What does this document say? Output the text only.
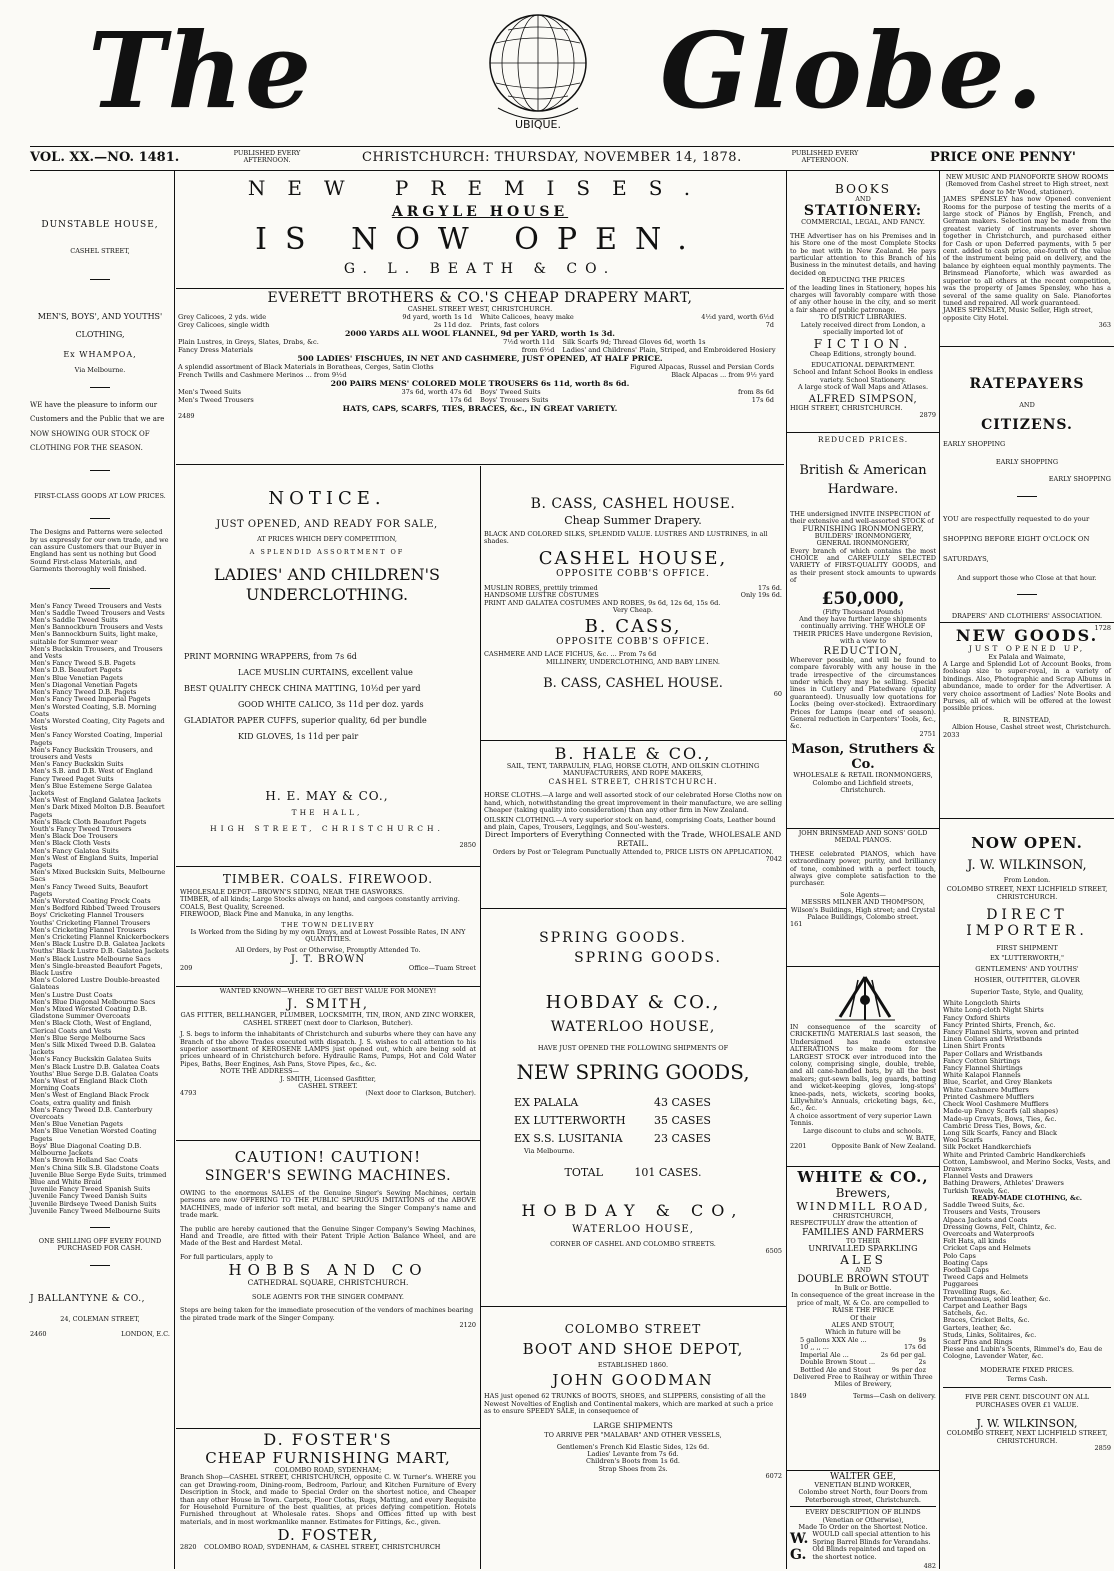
The	Globe.
UBIQUE.
VOL. XX.—NO. 1481.	PUBLISHED EVERY AFTERNOON.	CHRISTCHURCH: THURSDAY, NOVEMBER 14, 1878.	PUBLISHED EVERY AFTERNOON.	PRICE ONE PENNY'
DUNSTABLE HOUSE,
CASHEL STREET,
MEN'S, BOYS', AND YOUTHS' CLOTHING,
Ex WHAMPOA,
Via Melbourne.
WE have the pleasure to inform our Customers and the Public that we are NOW SHOWING OUR STOCK OF CLOTHING FOR THE SEASON.
FIRST-CLASS GOODS AT LOW PRICES.
The Designs and Patterns were selected by us expressly for our own trade, and we can assure Customers that our Buyer in England has sent us nothing but Good Sound First-class Materials, and Garments thoroughly well finished.
Men's Fancy Tweed Trousers and Vests
Men's Saddle Tweed Trousers and Vests
Men's Saddle Tweed Suits
Men's Bannockburn Trousers and Vests
Men's Bannockburn Suits, light make, suitable for Summer wear
Men's Buckskin Trousers, and Trousers and Vests
Men's Fancy Tweed S.B. Pagets
Men's D.B. Beaufort Pagets
Men's Blue Venetian Pagets
Men's Diagonal Venetian Pagets
Men's Fancy Tweed D.B. Pagets
Men's Fancy Tweed Imperial Pagets
Men's Worsted Coating, S.B. Morning Coats
Men's Worsted Coating, City Pagets and Vests
Men's Fancy Worsted Coating, Imperial Pagets
Men's Fancy Buckskin Trousers, and trousers and Vests
Men's Fancy Buckskin Suits
Men's S.B. and D.B. West of England Fancy Tweed Paget Suits
Men's Blue Estemene Serge Galatea Jackets
Men's West of England Galatea Jackets
Men's Dark Mixed Molton D.B. Beaufort Pagets
Men's Black Cloth Beaufort Pagets
Youth's Fancy Tweed Trousers
Men's Black Doe Trousers
Men's Black Cloth Vests
Men's Fancy Galatea Suits
Men's West of England Suits, Imperial Pagets
Men's Mixed Buckskin Suits, Melbourne Sacs
Men's Fancy Tweed Suits, Beaufort Pagets
Men's Worsted Coating Frock Coats
Men's Bedford Ribbed Tweed Trousers
Boys' Cricketing Flannel Trousers
Youths' Cricketing Flannel Trousers
Men's Cricketing Flannel Trousers
Men's Cricketing Flannel Knickerbockers
Men's Black Lustre D.B. Galatea Jackets
Youths' Black Lustre D.B. Galatea Jackets
Men's Black Lustre Melbourne Sacs
Men's Single-breasted Beaufort Pagets, Black Lustre
Men's Colored Lustre Double-breasted Galateas
Men's Lustre Dust Coats
Men's Blue Diagonal Melbourne Sacs
Men's Mixed Worsted Coating D.B. Gladstone Summer Overcoats
Men's Black Cloth, West of England, Clerical Coats and Vests
Men's Blue Serge Melbourne Sacs
Men's Silk Mixed Tweed D.B. Galatea Jackets
Men's Fancy Buckskin Galatea Suits
Men's Black Lustre D.B. Galatea Coats
Youths' Blue Serge D.B. Galatea Coats
Men's West of England Black Cloth Morning Coats
Men's West of England Black Frock Coats, extra quality and finish
Men's Fancy Tweed D.B. Canterbury Overcoats
Men's Blue Venetian Pagets
Men's Blue Venetian Worsted Coating Pagets
Boys' Blue Diagonal Coating D.B. Melbourne Jackets
Men's Brown Holland Sac Coats
Men's China Silk S.B. Gladstone Coats
Juvenile Blue Serge Eyde Suits, trimmed Blue and White Braid
Juvenile Fancy Tweed Spanish Suits
Juvenile Fancy Tweed Danish Suits
Juvenile Birdseye Tweed Danish Suits
Juvenile Fancy Tweed Melbourne Suits
ONE SHILLING OFF EVERY FOUND PURCHASED FOR CASH.
J BALLANTYNE & CO.,
24, COLEMAN STREET,
2460	LONDON, E.C.
NEW PREMISES.
ARGYLE HOUSE
IS NOW OPEN.
G. L. BEATH & CO.
EVERETT BROTHERS & CO.'S CHEAP DRAPERY MART,
CASHEL STREET WEST, CHRISTCHURCH.
Grey Calicoes, 2 yds. wide	9d yard, worth 1s 1d	White Calicoes, heavy make	4½d yard, worth 6½d
Grey Calicoes, single width	2s 11d doz.	Prints, fast colors	7d
2000 YARDS ALL WOOL FLANNEL, 9d per YARD, worth 1s 3d.
Plain Lustres, in Greys, Slates, Drabs, &c.	7½d worth 11d	Silk Scarfs 9d; Thread Gloves 6d, worth 1s
Fancy Dress Materials	from 6½d	Ladies' and Childrens' Plain, Striped, and Embroidered Hosiery
500 LADIES' FISCHUES, IN NET AND CASHMERE, JUST OPENED, AT HALF PRICE.
A splendid assortment of Black Materials in Boratheas, Cerges, Satin Cloths	Figured Alpacas, Russel and Persian Cords
French Twills and Cashmere Merinos ... from 9½d	Black Alpacas ... from 9½ yard
200 PAIRS MENS' COLORED MOLE TROUSERS 6s 11d, worth 8s 6d.
Men's Tweed Suits	37s 6d, worth 47s 6d	Boys' Tweed Suits	from 8s 6d
Men's Tweed Trousers	17s 6d	Boys' Trousers Suits	17s 6d
HATS, CAPS, SCARFS, TIES, BRACES, &c., IN GREAT VARIETY.
2489
NOTICE.
JUST OPENED, AND READY FOR SALE,
AT PRICES WHICH DEFY COMPETITION,
A SPLENDID ASSORTMENT OF
LADIES' AND CHILDREN'S UNDERCLOTHING.
PRINT MORNING WRAPPERS, from 7s 6d
LACE MUSLIN CURTAINS, excellent value
BEST QUALITY CHECK CHINA MATTING, 10½d per yard
GOOD WHITE CALICO, 3s 11d per doz. yards
GLADIATOR PAPER CUFFS, superior quality, 6d per bundle
KID GLOVES, 1s 11d per pair
H. E. MAY & CO.,
THE HALL,
HIGH STREET, CHRISTCHURCH.
2850
TIMBER. COALS. FIREWOOD.
WHOLESALE DEPOT—BROWN'S SIDING, NEAR THE GASWORKS.
TIMBER, of all kinds; Large Stocks always on hand, and cargoes constantly arriving.
COALS, Best Quality, Screened.
FIREWOOD, Black Pine and Manuka, in any lengths.
THE TOWN DELIVERY
Is Worked from the Siding by my own Drays, and at Lowest Possible Rates, IN ANY QUANTITIES.
All Orders, by Post or Otherwise, Promptly Attended To.
J. T. BROWN
209	Office—Tuam Street
WANTED KNOWN—WHERE TO GET BEST VALUE FOR MONEY!
J. SMITH,
GAS FITTER, BELLHANGER, PLUMBER, LOCKSMITH, TIN, IRON, AND ZINC WORKER,
CASHEL STREET (next door to Clarkson, Butcher).
J. S. begs to inform the inhabitants of Christchurch and suburbs where they can have any Branch of the above Trades executed with dispatch. J. S. wishes to call attention to his superior assortment of KEROSENE LAMPS just opened out, which are being sold at prices unheard of in Christchurch before. Hydraulic Rams, Pumps, Hot and Cold Water Pipes, Baths, Beer Engines, Ash Pans, Stove Pipes, &c., &c.
NOTE THE ADDRESS—
J. SMITH, Licensed Gasfitter,
CASHEL STREET.
4793	(Next door to Clarkson, Butcher).
CAUTION! CAUTION!
SINGER'S SEWING MACHINES.
OWING to the enormous SALES of the Genuine Singer's Sewing Machines, certain persons are now OFFERING TO THE PUBLIC SPURIOUS IMITATIONS of the ABOVE MACHINES, made of inferior soft metal, and bearing the Singer Company's name and trade mark.
The public are hereby cautioned that the Genuine Singer Company's Sewing Machines, Hand and Treadle, are fitted with their Patent Triple Action Balance Wheel, and are Made of the Best and Hardest Metal.
For full particulars, apply to
HOBBS AND CO
CATHEDRAL SQUARE, CHRISTCHURCH.
SOLE AGENTS FOR THE SINGER COMPANY.
Steps are being taken for the immediate prosecution of the vendors of machines bearing the pirated trade mark of the Singer Company.
2120
D. FOSTER'S
CHEAP FURNISHING MART,
COLOMBO ROAD, SYDENHAM;
Branch Shop—CASHEL STREET, CHRISTCHURCH, opposite C. W. Turner's. WHERE you can get Drawing-room, Dining-room, Bedroom, Parlour, and Kitchen Furniture of Every Description in Stock, and made to Special Order on the shortest notice, and Cheaper than any other House in Town. Carpets, Floor Cloths, Rugs, Matting, and every Requisite for Household Furniture of the best qualities, at prices defying competition. Hotels Furnished throughout at Wholesale rates. Shops and Offices fitted up with best materials, and in most workmanlike manner. Estimates for Fittings, &c., given.
D. FOSTER,
2820 COLOMBO ROAD, SYDENHAM, & CASHEL STREET, CHRISTCHURCH
B. CASS, CASHEL HOUSE.
Cheap Summer Drapery.
BLACK AND COLORED SILKS, SPLENDID VALUE. LUSTRES AND LUSTRINES, in all shades.
CASHEL HOUSE,
OPPOSITE COBB'S OFFICE.
MUSLIN ROBES, prettily trimmed	17s 6d.
HANDSOME LUSTRE COSTUMES	Only 19s 6d.
PRINT AND GALATEA COSTUMES AND ROBES, 9s 6d, 12s 6d, 15s 6d.
Very Cheap.
B. CASS,
OPPOSITE COBB'S OFFICE.
CASHMERE AND LACE FICHUS, &c. ... From 7s 6d
MILLINERY, UNDERCLOTHING, AND BABY LINEN.
B. CASS, CASHEL HOUSE.
60
B. HALE & CO.,
SAIL, TENT, TARPAULIN, FLAG, HORSE CLOTH, AND OILSKIN CLOTHING MANUFACTURERS, AND ROPE MAKERS,
CASHEL STREET, CHRISTCHURCH.
HORSE CLOTHS.—A large and well assorted stock of our celebrated Horse Cloths now on hand, which, notwithstanding the great improvement in their manufacture, we are selling Cheaper (taking quality into consideration) than any other firm in New Zealand.
OILSKIN CLOTHING.—A very superior stock on hand, comprising Coats, Leather bound and plain, Capes, Trousers, Leggings, and Sou'-westers.
Direct Importers of Everything Connected with the Trade, WHOLESALE AND RETAIL.
Orders by Post or Telegram Punctually Attended to, PRICE LISTS ON APPLICATION.
7042
SPRING GOODS.
SPRING GOODS.
HOBDAY & CO.,
WATERLOO HOUSE,
HAVE JUST OPENED THE FOLLOWING SHIPMENTS OF
NEW SPRING GOODS,
EX PALALA	43 CASES
EX LUTTERWORTH	35 CASES
EX S.S. LUSITANIA	23 CASES
Via Melbourne.
TOTAL	101 CASES.
HOBDAY & CO,
WATERLOO HOUSE,
CORNER OF CASHEL AND COLOMBO STREETS.
6505
COLOMBO STREET
BOOT AND SHOE DEPOT,
ESTABLISHED 1860.
JOHN GOODMAN
HAS just opened 62 TRUNKS of BOOTS, SHOES, and SLIPPERS, consisting of all the Newest Novelties of English and Continental makers, which are marked at such a price as to ensure SPEEDY SALE, in consequence of
LARGE SHIPMENTS
TO ARRIVE PER "MALABAR" AND OTHER VESSELS,
Gentlemen's French Kid Elastic Sides, 12s 6d.
Ladies' Levante from 7s 6d.
Children's Boots from 1s 6d.
Strap Shoes from 2s.
6072
BOOKS
AND
STATIONERY:
COMMERCIAL, LEGAL, AND FANCY.
THE Advertiser has on his Premises and in his Store one of the most Complete Stocks to be met with in New Zealand. He pays particular attention to this Branch of his Business in the minutest details, and having decided on
REDUCING THE PRICES
of the leading lines in Stationery, hopes his charges will favorably compare with those of any other house in the city, and so merit a fair share of public patronage.
TO DISTRICT LIBRARIES.
Lately received direct from London, a specially imported lot of
FICTION.
Cheap Editions, strongly bound.
EDUCATIONAL DEPARTMENT.
School and Infant School Books in endless variety. School Stationery.
A large stock of Wall Maps and Atlases.
ALFRED SIMPSON,
HIGH STREET, CHRISTCHURCH.
2879
REDUCED PRICES.
British & American
Hardware.
THE undersigned INVITE INSPECTION of their extensive and well-assorted STOCK of
FURNISHING IRONMONGERY,
BUILDERS' IRONMONGERY,
GENERAL IRONMONGERY,
Every branch of which contains the most CHOICE and CAREFULLY SELECTED VARIETY of FIRST-QUALITY GOODS, and as their present stock amounts to upwards of
£50,000,
(Fifty Thousand Pounds)
And they have further large shipments continually arriving. THE WHOLE OF THEIR PRICES Have undergone Revision, with a view to
REDUCTION,
Wherever possible, and will be found to compare favorably with any house in the trade irrespective of the circumstances under which they may be selling. Special lines in Cutlery and Platedware (quality guaranteed). Unusually low quotations for Locks (being over-stocked). Extraordinary Prices for Lamps (near end of season). General reduction in Carpenters' Tools, &c., &c.
2751
Mason, Struthers & Co.
WHOLESALE & RETAIL IRONMONGERS,
Colombo and Lichfield streets, Christchurch.
JOHN BRINSMEAD AND SONS' GOLD MEDAL PIANOS.
THESE celebrated PIANOS, which have extraordinary power, purity, and brilliancy of tone, combined with a perfect touch, always give complete satisfaction to the purchaser.
Sole Agents—
MESSRS MILNER AND THOMPSON, Wilson's Buildings, High street; and Crystal Palace Buildings, Colombo street.
161
IN consequence of the scarcity of CRICKETING MATERIALS last season, the Undersigned has made extensive ALTERATIONS to make room for the LARGEST STOCK ever introduced into the colony, comprising single, double, treble, and all cane-handled bats, by all the best makers; gut-sewn balls, leg guards, batting and wicket-keeping gloves, long-stops' knee-pads, nets, wickets, scoring books, Lillywhite's Annuals, cricketing bags, &c., &c., &c.
A choice assortment of very superior Lawn Tennis.
Large discount to clubs and schools.
W. BATE,
2201	Opposite Bank of New Zealand.
WHITE & CO.,
Brewers,
WINDMILL ROAD,
CHRISTCHURCH,
RESPECTFULLY draw the attention of
FAMILIES AND FARMERS
TO THEIR
UNRIVALLED SPARKLING
ALES
AND
DOUBLE BROWN STOUT
In Bulk or Bottle.
In consequence of the great increase in the price of malt, W. & Co. are compelled to
RAISE THE PRICE
Of their
ALES AND STOUT,
Which in future will be
5 gallons XXX Ale ...	9s
10 ,, ,, ...	17s 6d
Imperial Ale ...	2s 6d per gal.
Double Brown Stout ...	2s
Bottled Ale and Stout	9s per doz
Delivered Free to Railway or within Three Miles of Brewery,
1849	Terms—Cash on delivery.
WALTER GEE,
VENETIAN BLIND WORKER,
Colombo street North, four Doors from Peterborough street, Christchurch.
EVERY DESCRIPTION OF BLINDS
(Venetian or Otherwise),
Made To Order on the Shortest Notice.
W. G.
WOULD call special attention to his Spring Barrel Blinds for Verandahs. Old Blinds repainted and taped on the shortest notice.
482
NEW MUSIC AND PIANOFORTE SHOW ROOMS
(Removed from Cashel street to High street, next door to Mr Wood, stationer).
JAMES SPENSLEY has now Opened convenient Rooms for the purpose of testing the merits of a large stock of Pianos by English, French, and German makers. Selection may be made from the greatest variety of instruments ever shown together in Christchurch, and purchased either for Cash or upon Deferred payments, with 5 per cent. added to cash price, one-fourth of the value of the instrument being paid on delivery, and the balance by eighteen equal monthly payments. The Brinsmead Pianoforte, which was awarded as superior to all others at the recent competition, was the property of James Spensley, who has a several of the same quality on Sale. Pianofortes tuned and repaired. All work guaranteed.
JAMES SPENSLEY, Music Seller, High street, opposite City Hotel.
363
RATEPAYERS
AND
CITIZENS.
EARLY SHOPPING
EARLY SHOPPING
EARLY SHOPPING
YOU are respectfully requested to do your SHOPPING BEFORE EIGHT O'CLOCK ON SATURDAYS,
And support those who Close at that hour.
DRAPERS' AND CLOTHIERS' ASSOCIATION.
1728
NEW GOODS.
JUST OPENED UP,
Ex Palala and Waimate,
A Large and Splendid Lot of Account Books, from foolscap size to super-royal, in a variety of bindings. Also, Photographic and Scrap Albums in abundance, made to order for the Advertiser. A very choice assortment of Ladies' Note Books and Purses, all of which will be offered at the lowest possible prices.
R. BINSTEAD,
Albion House, Cashel street west, Christchurch.
2033
NOW OPEN.
J. W. WILKINSON,
From London.
COLOMBO STREET, NEXT LICHFIELD STREET, CHRISTCHURCH.
DIRECT
IMPORTER.
FIRST SHIPMENT
EX "LUTTERWORTH,"
GENTLEMENS' AND YOUTHS'
HOSIER, OUTFITTER, GLOVER
Superior Taste, Style, and Quality,
White Longcloth Shirts
White Long-cloth Night Shirts
Fancy Oxford Shirts
Fancy Printed Shirts, French, &c.
Fancy Flannel Shirts, woven and printed
Linen Collars and Wristbands
Linen Shirt Fronts
Paper Collars and Wristbands
Fancy Cotton Shirtings
Fancy Flannel Shirtings
White Kalapoi Flannels
Blue, Scarlet, and Grey Blankets
White Cashmere Mufflers
Printed Cashmere Mufflers
Check Wool Cashmere Mufflers
Made-up Fancy Scarfs (all shapes)
Made-up Cravats, Bows, Ties, &c.
Cambric Dress Ties, Bows, &c.
Long Silk Scarfs, Fancy and Black
Wool Scarfs
Silk Pocket Handkerchiefs
White and Printed Cambric Handkerchiefs
Cotton, Lambswool, and Merino Socks, Vests, and Drawers
Flannel Vests and Drawers
Bathing Drawers, Athletes' Drawers
Turkish Towels, &c.
READY-MADE CLOTHING, &c.
Saddle Tweed Suits, &c.
Trousers and Vests, Trousers
Alpaca Jackets and Coats
Dressing Gowns, Felt, Chintz, &c.
Overcoats and Waterproofs
Felt Hats, all kinds
Cricket Caps and Helmets
Polo Caps
Boating Caps
Football Caps
Tweed Caps and Helmets
Puggarees
Travelling Rugs, &c.
Portmanteaus, solid leather, &c.
Carpet and Leather Bags
Satchels, &c.
Braces, Cricket Belts, &c.
Garters, leather, &c.
Studs, Links, Solitaires, &c.
Scarf Pins and Rings
Piesse and Lubin's Scents, Rimmel's do, Eau de Cologne, Lavender Water, &c.
MODERATE FIXED PRICES.
Terms Cash.
FIVE PER CENT. DISCOUNT ON ALL PURCHASES OVER £1 VALUE.
J. W. WILKINSON,
COLOMBO STREET, NEXT LICHFIELD STREET, CHRISTCHURCH.
2859
